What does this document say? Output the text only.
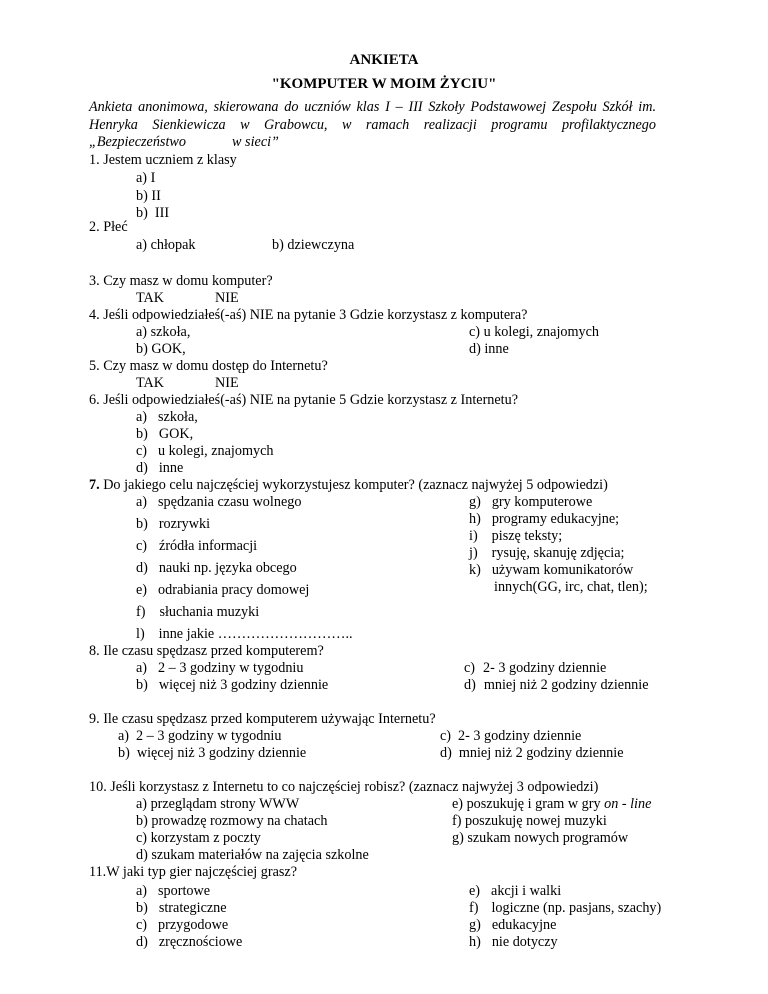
ANKIETA
"KOMPUTER W MOIM ŻYCIU"
Ankieta anonimowa, skierowana do uczniów klas I – III Szkoły Podstawowej Zespołu Szkół im.
Henryka Sienkiewicza w Grabowcu, w ramach realizacji programu profilaktycznego
„Bezpieczeństwo             w sieci”
1. Jestem uczniem z klasy
a) I
b) II
b)  III
2. Płeć
a) chłopak	b) dziewczyna
3. Czy masz w domu komputer?
TAK	NIE
4. Jeśli odpowiedziałeś(-aś) NIE na pytanie 3 Gdzie korzystasz z komputera?
a) szkoła,	c) u kolegi, znajomych
b) GOK,	d) inne
5. Czy masz w domu dostęp do Internetu?
TAK	NIE
6. Jeśli odpowiedziałeś(-aś) NIE na pytanie 5 Gdzie korzystasz z Internetu?
a) szkoła,
b) GOK,
c) u kolegi, znajomych
d) inne
7. Do jakiego celu najczęściej wykorzystujesz komputer? (zaznacz najwyżej 5 odpowiedzi)
a) spędzania czasu wolnego
b) rozrywki
c) źródła informacji
d) nauki np. języka obcego
e) odrabiania pracy domowej
f) słuchania muzyki
l) inne jakie ………………………..
g) gry komputerowe
h) programy edukacyjne;
i) piszę teksty;
j) rysuję, skanuję zdjęcia;
k) używam komunikatorów
innych(GG, irc, chat, tlen);
8. Ile czasu spędzasz przed komputerem?
a) 2 – 3 godziny w tygodniu
b) więcej niż 3 godziny dziennie
c) 2- 3 godziny dziennie
d) mniej niż 2 godziny dziennie
9. Ile czasu spędzasz przed komputerem używając Internetu?
a) 2 – 3 godziny w tygodniu
b) więcej niż 3 godziny dziennie
c) 2- 3 godziny dziennie
d) mniej niż 2 godziny dziennie
10. Jeśli korzystasz z Internetu to co najczęściej robisz? (zaznacz najwyżej 3 odpowiedzi)
a) przeglądam strony WWW
b) prowadzę rozmowy na chatach
c) korzystam z poczty
d) szukam materiałów na zajęcia szkolne
e) poszukuję i gram w gry on - line
f) poszukuję nowej muzyki
g) szukam nowych programów
11.W jaki typ gier najczęściej grasz?
a) sportowe
b) strategiczne
c) przygodowe
d) zręcznościowe
e) akcji i walki
f) logiczne (np. pasjans, szachy)
g) edukacyjne
h) nie dotyczy
